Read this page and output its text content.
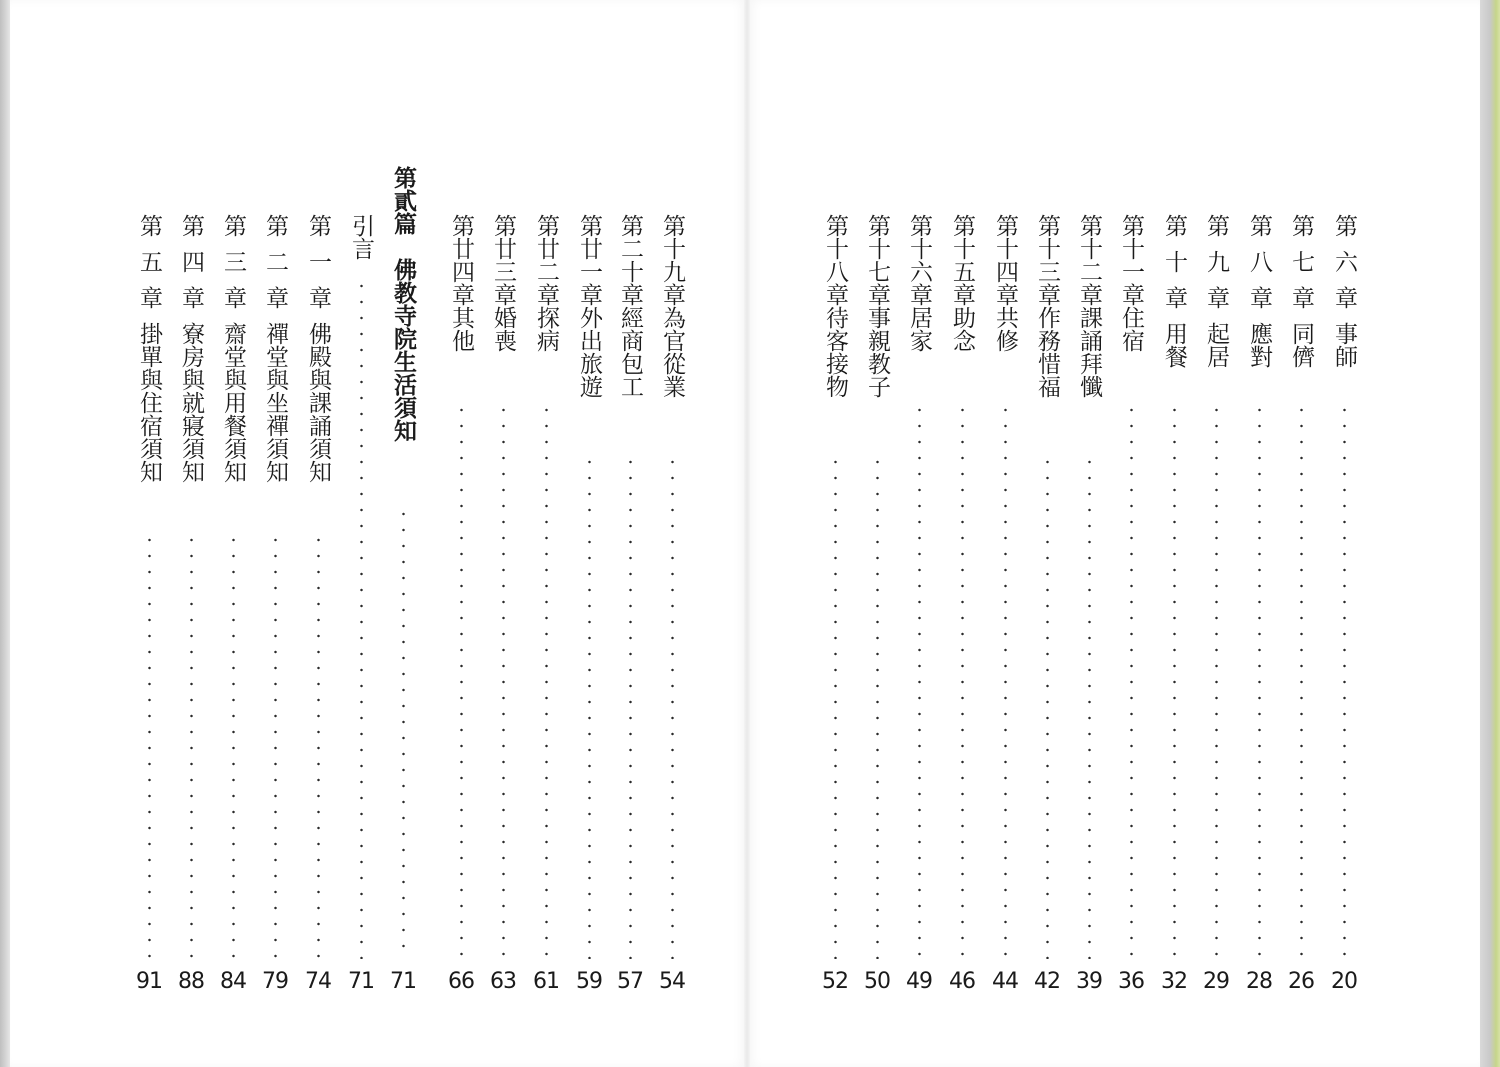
第十九章為官從業
54
第二十章經商包工
57
第廿一章外出旅遊
59
第廿二章探病
61
第廿三章婚喪
63
第廿四章其他
66
第貳篇　佛教寺院生活須知
71
引言
71
第一章佛殿與課誦須知
74
第二章禪堂與坐禪須知
79
第三章齋堂與用餐須知
84
第四章寮房與就寢須知
88
第五章掛單與住宿須知
91
第六章事師
20
第七章同儕
26
第八章應對
28
第九章起居
29
第十章用餐
32
第十一章住宿
36
第十二章課誦拜懺
39
第十三章作務惜福
42
第十四章共修
44
第十五章助念
46
第十六章居家
49
第十七章事親教子
50
第十八章待客接物
52
